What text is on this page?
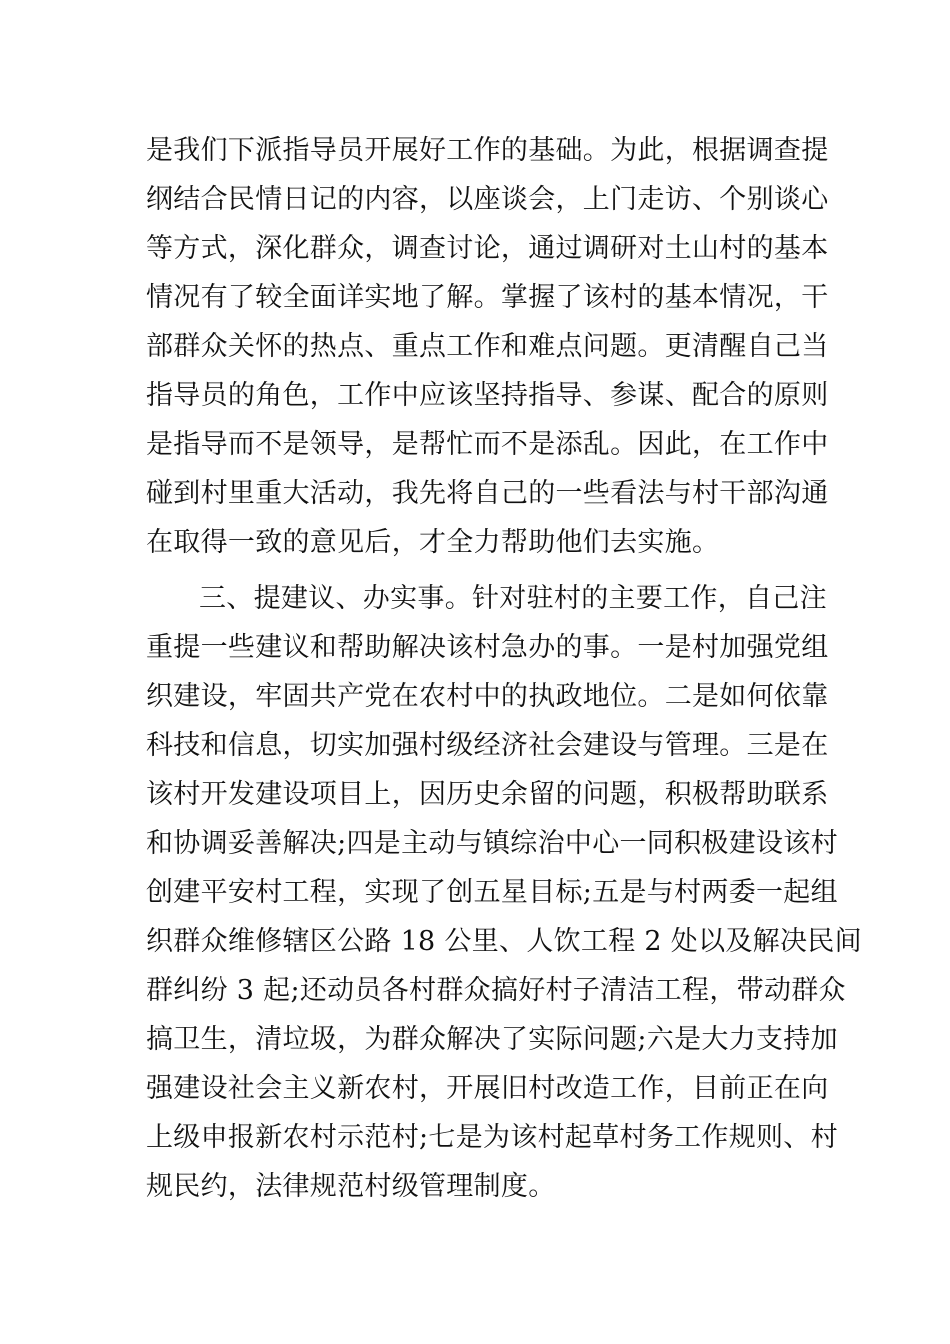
是我们下派指导员开展好工作的基础。为此，根据调查提
纲结合民情日记的内容，以座谈会，上门走访、个别谈心
等方式，深化群众，调查讨论，通过调研对土山村的基本
情况有了较全面详实地了解。掌握了该村的基本情况，干
部群众关怀的热点、重点工作和难点问题。更清醒自己当
指导员的角色，工作中应该坚持指导、参谋、配合的原则
是指导而不是领导，是帮忙而不是添乱。因此，在工作中
碰到村里重大活动，我先将自己的一些看法与村干部沟通
在取得一致的意见后，才全力帮助他们去实施。
三、提建议、办实事。针对驻村的主要工作，自己注
重提一些建议和帮助解决该村急办的事。一是村加强党组
织建设，牢固共产党在农村中的执政地位。二是如何依靠
科技和信息，切实加强村级经济社会建设与管理。三是在
该村开发建设项目上，因历史余留的问题，积极帮助联系
和协调妥善解决;四是主动与镇综治中心一同积极建设该村
创建平安村工程，实现了创五星目标;五是与村两委一起组
织群众维修辖区公路 18 公里、人饮工程 2 处以及解决民间
群纠纷 3 起;还动员各村群众搞好村子清洁工程，带动群众
搞卫生，清垃圾，为群众解决了实际问题;六是大力支持加
强建设社会主义新农村，开展旧村改造工作，目前正在向
上级申报新农村示范村;七是为该村起草村务工作规则、村
规民约，法律规范村级管理制度。
